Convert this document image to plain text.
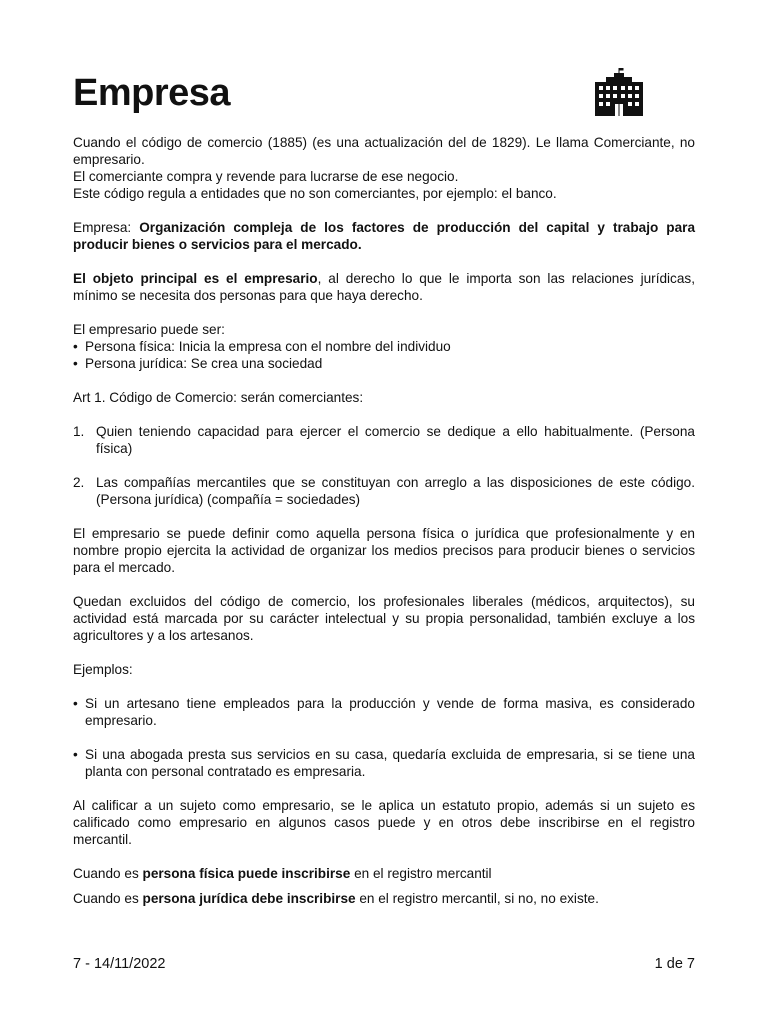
Empresa

Cuando el código de comercio (1885) (es una actualización del de 1829). Le llama Comerciante, no empresario.

El comerciante compra y revende para lucrarse de ese negocio.

Este código regula a entidades que no son comerciantes, por ejemplo: el banco.

Empresa: Organización compleja de los factores de producción del capital y trabajo para producir bienes o servicios para el mercado.

El objeto principal es el empresario, al derecho lo que le importa son las relaciones jurídicas, mínimo se necesita dos personas para que haya derecho.

El empresario puede ser:

• Persona física: Inicia la empresa con el nombre del individuo

• Persona jurídica: Se crea una sociedad

Art 1. Código de Comercio: serán comerciantes:

1. Quien teniendo capacidad para ejercer el comercio se dedique a ello habitualmente. (Persona física)

2. Las compañías mercantiles que se constituyan con arreglo a las disposiciones de este código. (Persona jurídica) (compañía = sociedades)

El empresario se puede definir como aquella persona física o jurídica que profesionalmente y en nombre propio ejercita la actividad de organizar los medios precisos para producir bienes o servicios para el mercado.

Quedan excluidos del código de comercio, los profesionales liberales (médicos, arquitectos), su actividad está marcada por su carácter intelectual y su propia personalidad, también excluye a los agricultores y a los artesanos.

Ejemplos:

• Si un artesano tiene empleados para la producción y vende de forma masiva, es considerado empresario.

• Si una abogada presta sus servicios en su casa, quedaría excluida de empresaria, si se tiene una planta con personal contratado es empresaria.

Al calificar a un sujeto como empresario, se le aplica un estatuto propio, además si un sujeto es calificado como empresario en algunos casos puede y en otros debe inscribirse en el registro mercantil.

Cuando es persona física puede inscribirse en el registro mercantil

Cuando es persona jurídica debe inscribirse en el registro mercantil, si no, no existe.

7 - 14/11/2022	1 de 7
